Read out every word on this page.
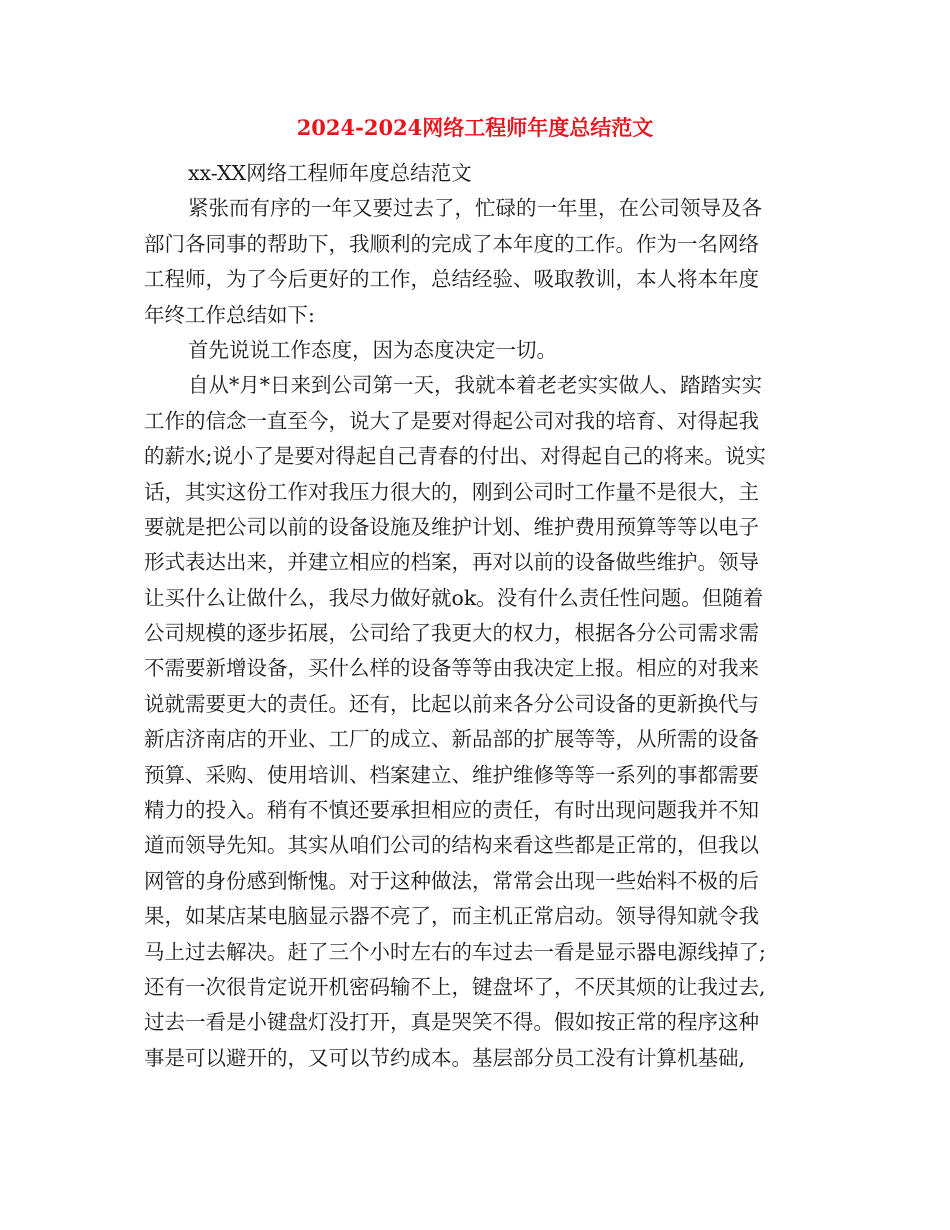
2024-2024网络工程师年度总结范文
xx-XX网络工程师年度总结范文
紧张而有序的一年又要过去了，忙碌的一年里，在公司领导及各
部门各同事的帮助下，我顺利的完成了本年度的工作。作为一名网络
工程师，为了今后更好的工作，总结经验、吸取教训，本人将本年度
年终工作总结如下:
首先说说工作态度，因为态度决定一切。
自从*月*日来到公司第一天，我就本着老老实实做人、踏踏实实
工作的信念一直至今，说大了是要对得起公司对我的培育、对得起我
的薪水;说小了是要对得起自己青春的付出、对得起自己的将来。说实
话，其实这份工作对我压力很大的，刚到公司时工作量不是很大，主
要就是把公司以前的设备设施及维护计划、维护费用预算等等以电子
形式表达出来，并建立相应的档案，再对以前的设备做些维护。领导
让买什么让做什么，我尽力做好就ok。没有什么责任性问题。但随着
公司规模的逐步拓展，公司给了我更大的权力，根据各分公司需求需
不需要新增设备，买什么样的设备等等由我决定上报。相应的对我来
说就需要更大的责任。还有，比起以前来各分公司设备的更新换代与
新店济南店的开业、工厂的成立、新品部的扩展等等，从所需的设备
预算、采购、使用培训、档案建立、维护维修等等一系列的事都需要
精力的投入。稍有不慎还要承担相应的责任，有时出现问题我并不知
道而领导先知。其实从咱们公司的结构来看这些都是正常的，但我以
网管的身份感到惭愧。对于这种做法，常常会出现一些始料不极的后
果，如某店某电脑显示器不亮了，而主机正常启动。领导得知就令我
马上过去解决。赶了三个小时左右的车过去一看是显示器电源线掉了;
还有一次很肯定说开机密码输不上，键盘坏了，不厌其烦的让我过去,
过去一看是小键盘灯没打开，真是哭笑不得。假如按正常的程序这种
事是可以避开的，又可以节约成本。基层部分员工没有计算机基础,
